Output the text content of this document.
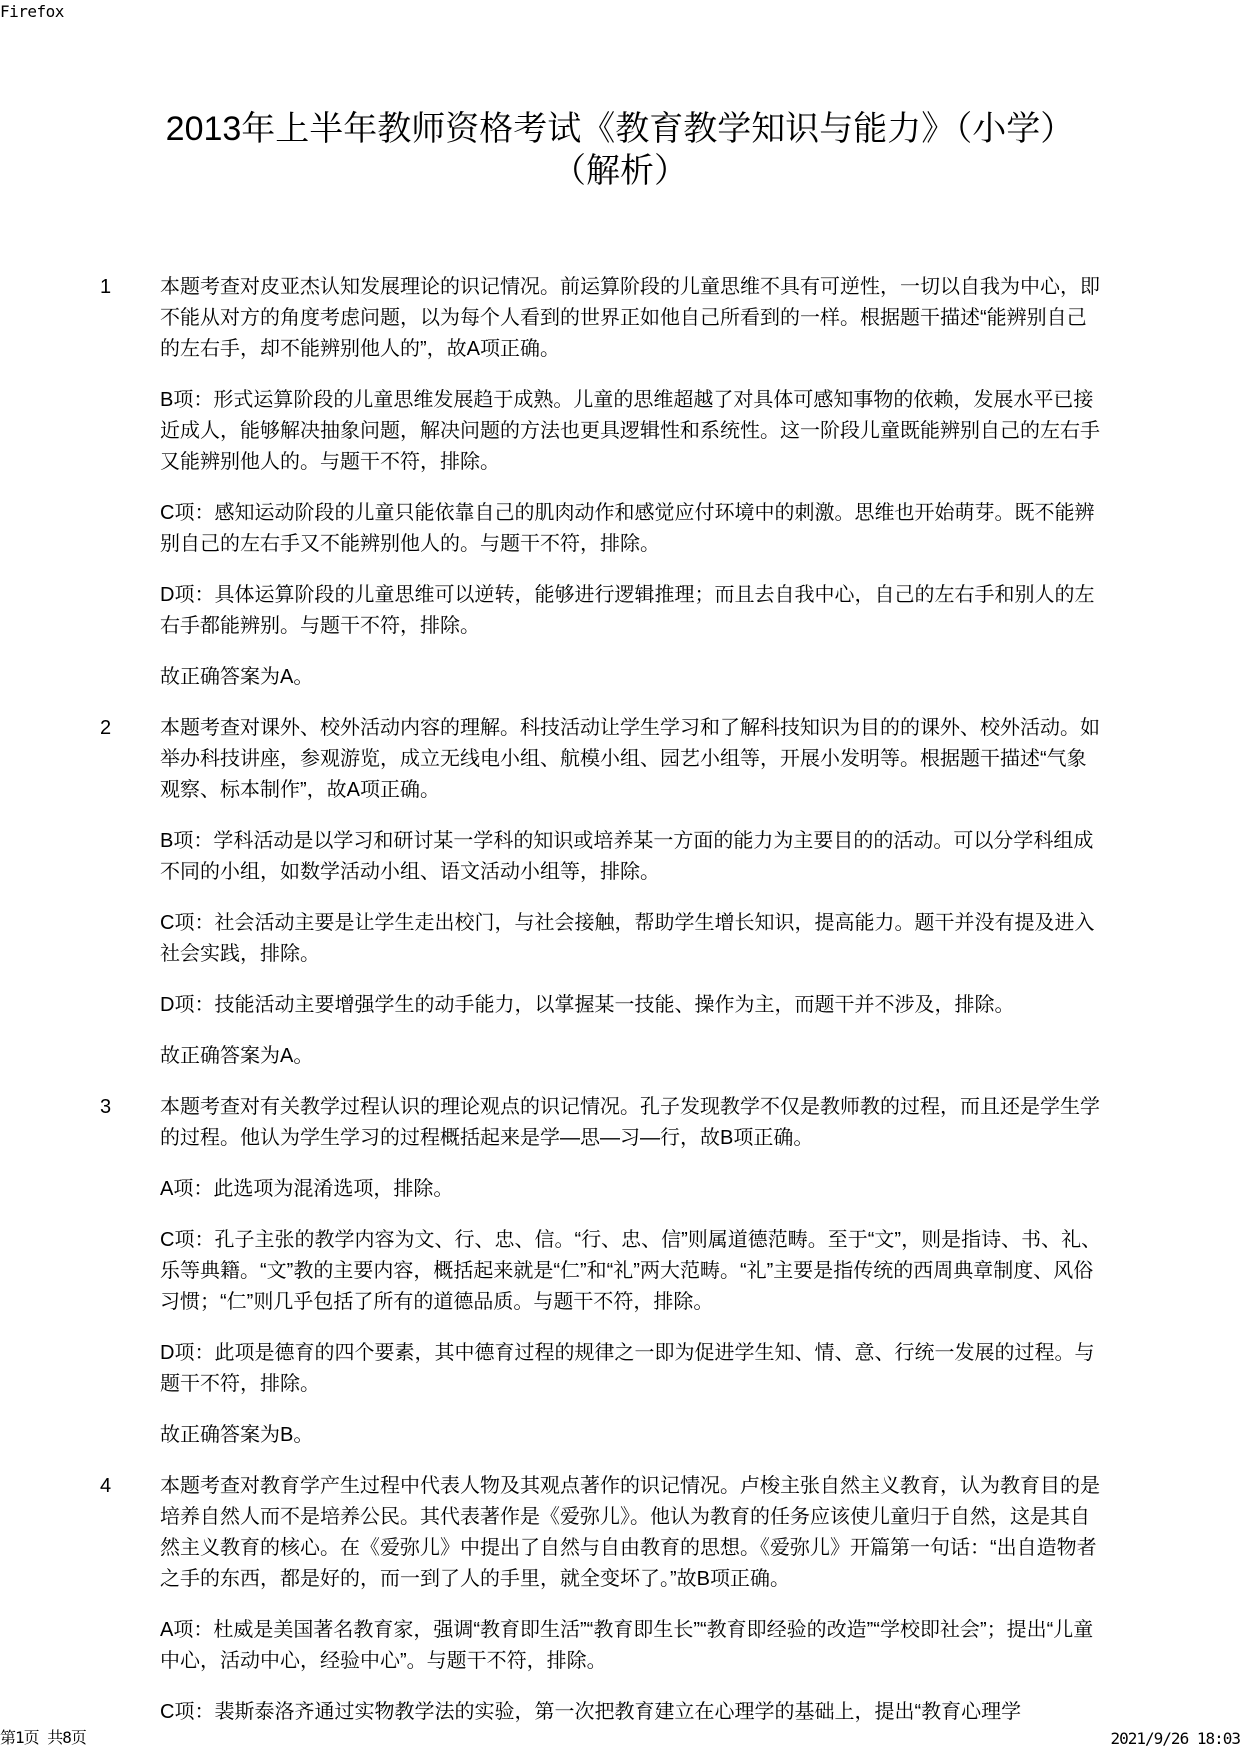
Firefox
2013年上半年教师资格考试《教育教学知识与能力》（小学）
（解析）
1	本题考查对皮亚杰认知发展理论的识记情况。前运算阶段的儿童思维不具有可逆性，一切以自我为中心，即不能从对方的角度考虑问题，以为每个人看到的世界正如他自己所看到的一样。根据题干描述“能辨别自己的左右手，却不能辨别他人的”，故A项正确。

B项：形式运算阶段的儿童思维发展趋于成熟。儿童的思维超越了对具体可感知事物的依赖，发展水平已接近成人，能够解决抽象问题，解决问题的方法也更具逻辑性和系统性。这一阶段儿童既能辨别自己的左右手又能辨别他人的。与题干不符，排除。

C项：感知运动阶段的儿童只能依靠自己的肌肉动作和感觉应付环境中的刺激。思维也开始萌芽。既不能辨别自己的左右手又不能辨别他人的。与题干不符，排除。

D项：具体运算阶段的儿童思维可以逆转，能够进行逻辑推理；而且去自我中心，自己的左右手和别人的左右手都能辨别。与题干不符，排除。

故正确答案为A。

2	本题考查对课外、校外活动内容的理解。科技活动让学生学习和了解科技知识为目的的课外、校外活动。如举办科技讲座，参观游览，成立无线电小组、航模小组、园艺小组等，开展小发明等。根据题干描述“气象观察、标本制作”，故A项正确。

B项：学科活动是以学习和研讨某一学科的知识或培养某一方面的能力为主要目的的活动。可以分学科组成不同的小组，如数学活动小组、语文活动小组等，排除。

C项：社会活动主要是让学生走出校门，与社会接触，帮助学生增长知识，提高能力。题干并没有提及进入社会实践，排除。

D项：技能活动主要增强学生的动手能力，以掌握某一技能、操作为主，而题干并不涉及，排除。

故正确答案为A。

3	本题考查对有关教学过程认识的理论观点的识记情况。孔子发现教学不仅是教师教的过程，而且还是学生学的过程。他认为学生学习的过程概括起来是学—思—习—行，故B项正确。

A项：此选项为混淆选项，排除。

C项：孔子主张的教学内容为文、行、忠、信。“行、忠、信”则属道德范畴。至于“文”，则是指诗、书、礼、乐等典籍。“文”教的主要内容，概括起来就是“仁”和“礼”两大范畴。“礼”主要是指传统的西周典章制度、风俗习惯；“仁”则几乎包括了所有的道德品质。与题干不符，排除。

D项：此项是德育的四个要素，其中德育过程的规律之一即为促进学生知、情、意、行统一发展的过程。与题干不符，排除。

故正确答案为B。

4	本题考查对教育学产生过程中代表人物及其观点著作的识记情况。卢梭主张自然主义教育，认为教育目的是培养自然人而不是培养公民。其代表著作是《爱弥儿》。他认为教育的任务应该使儿童归于自然，这是其自然主义教育的核心。在《爱弥儿》中提出了自然与自由教育的思想。《爱弥儿》开篇第一句话：“出自造物者之手的东西，都是好的，而一到了人的手里，就全变坏了。”故B项正确。

A项：杜威是美国著名教育家，强调“教育即生活”“教育即生长”“教育即经验的改造”“学校即社会”；提出“儿童中心，活动中心，经验中心”。与题干不符，排除。

C项：裴斯泰洛齐通过实物教学法的实验，第一次把教育建立在心理学的基础上，提出“教育心理学

第1页 共8页	2021/9/26 18:03
